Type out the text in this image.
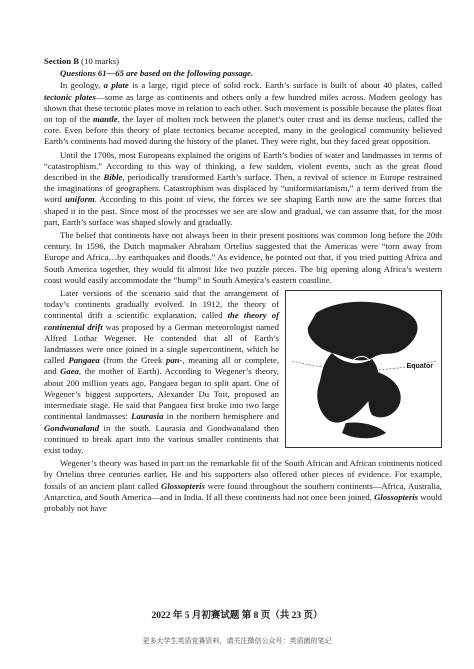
英语菌的笔记
Section B (10 marks)
Questions 61—65 are based on the following passage.

In geology, a plate is a large, rigid piece of solid rock. Earth’s surface is built of about 40 plates, called tectonic plates—some as large as continents and others only a few hundred miles across. Modern geology has shown that these tectonic plates move in relation to each other. Such movement is possible because the plates float on top of the mantle, the layer of molten rock between the planet’s outer crust and its dense nucleus, called the core. Even before this theory of plate tectonics became accepted, many in the geological community believed Earth’s continents had moved during the history of the planet. They were right, but they faced great opposition.

Until the 1700s, most Europeans explained the origins of Earth’s bodies of water and landmasses in terms of “catastrophism.” According to this way of thinking, a few sudden, violent events, such as the great flood described in the Bible, periodically transformed Earth’s surface. Then, a revival of science in Europe restrained the imaginations of geographers. Catastrophism was displaced by “uniformitarianism,” a term derived from the word uniform. According to this point of view, the forces we see shaping Earth now are the same forces that shaped it in the past. Since most of the processes we see are slow and gradual, we can assume that, for the most part, Earth’s surface was shaped slowly and gradually.

The belief that continents have not always been in their present positions was common long before the 20th century. In 1596, the Dutch mapmaker Abraham Ortelius suggested that the Americas were “torn away from Europe and Africa…by earthquakes and floods.” As evidence, he pointed out that, if you tried putting Africa and South America together, they would fit almost like two puzzle pieces. The big opening along Africa’s western coast would easily accommodate the “hump” in South America’s eastern coastline.

Equator

Later versions of the scenario said that the arrangement of today’s continents gradually evolved. In 1912, the theory of continental drift a scientific explanation, called the theory of continental drift was proposed by a German meteorologist named Alfred Lothar Wegener. He contended that all of Earth’s landmasses were once joined in a single supercontinent, which he called Pangaea (from the Greek pan-, meaning all or complete, and Gaea, the mother of Earth). According to Wegener’s theory, about 200 million years ago, Pangaea began to split apart. One of Wegener’s biggest supporters, Alexander Du Toit, proposed an intermediate stage. He said that Pangaea first broke into two large continental landmasses: Laurasia in the northern hemisphere and Gondwanaland in the south. Laurasia and Gondwanaland then continued to break apart into the various smaller continents that exist today.

Wegener’s theory was based in part on the remarkable fit of the South African and African continents noticed by Ortelius three centuries earlier. He and his supporters also offered other pieces of evidence. For example, fossils of an ancient plant called Glossopteris were found throughout the southern continents—Africa, Australia, Antarctica, and South America—and in India. If all these continents had not once been joined, Glossopteris would probably not have

2022 年 5 月初赛试题 第 8 页（共 23 页）
更多大学生英语竞赛资料，请关注微信公众号：英语菌的笔记
